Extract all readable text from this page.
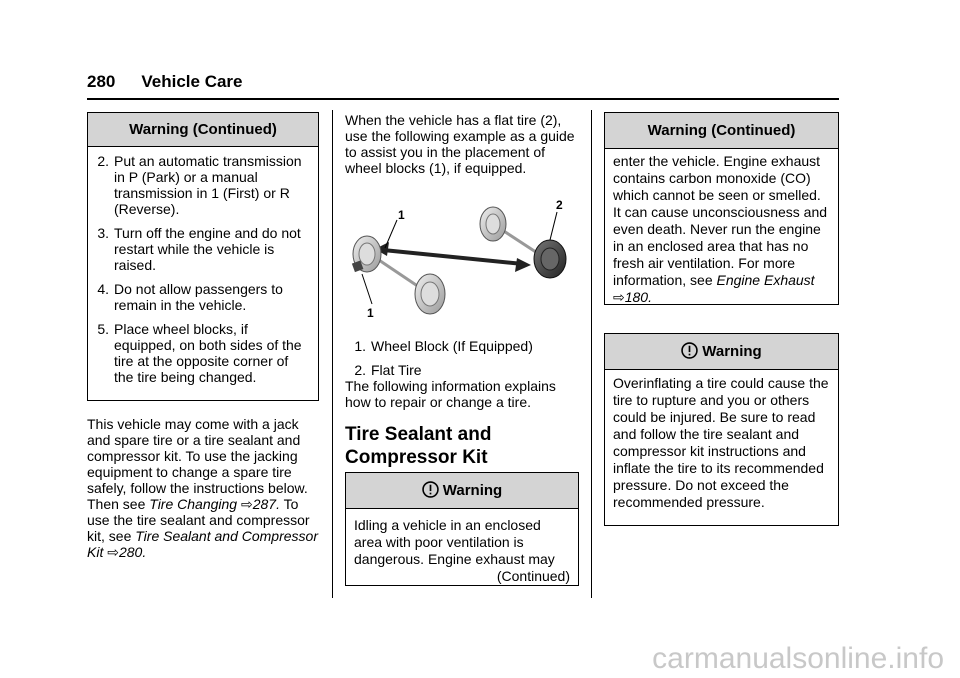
280 Vehicle Care
Warning (Continued)
2. Put an automatic transmission in P (Park) or a manual transmission in 1 (First) or R (Reverse).
3. Turn off the engine and do not restart while the vehicle is raised.
4. Do not allow passengers to remain in the vehicle.
5. Place wheel blocks, if equipped, on both sides of the tire at the opposite corner of the tire being changed.

This vehicle may come with a jack and spare tire or a tire sealant and compressor kit. To use the jacking equipment to change a spare tire safely, follow the instructions below. Then see Tire Changing ⇨287. To use the tire sealant and compressor kit, see Tire Sealant and Compressor Kit ⇨280.

When the vehicle has a flat tire (2), use the following example as a guide to assist you in the placement of wheel blocks (1), if equipped.

1
1
2
1. Wheel Block (If Equipped)
2. Flat Tire

The following information explains how to repair or change a tire.

Tire Sealant and Compressor Kit
Warning
Idling a vehicle in an enclosed area with poor ventilation is dangerous. Engine exhaust may
(Continued)
Warning (Continued)
enter the vehicle. Engine exhaust contains carbon monoxide (CO) which cannot be seen or smelled. It can cause unconsciousness and even death. Never run the engine in an enclosed area that has no fresh air ventilation. For more information, see Engine Exhaust ⇨180.
Warning
Overinflating a tire could cause the tire to rupture and you or others could be injured. Be sure to read and follow the tire sealant and compressor kit instructions and inflate the tire to its recommended pressure. Do not exceed the recommended pressure.
carmanualsonline.info
